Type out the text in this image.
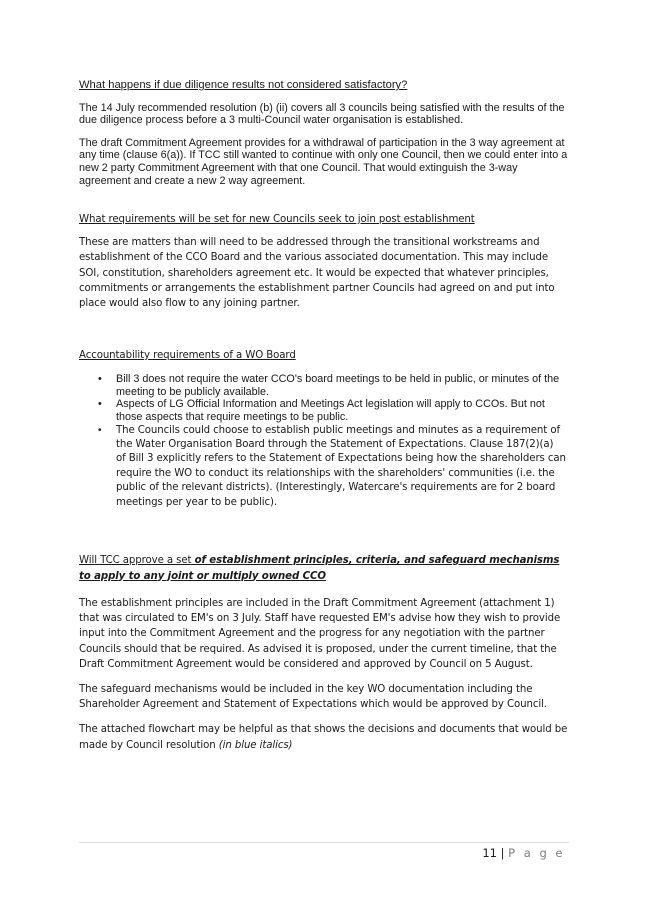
What happens if due diligence results not considered satisfactory?

The 14 July recommended resolution (b) (ii) covers all 3 councils being satisfied with the results of the due diligence process before a 3 multi-Council water organisation is established.

The draft Commitment Agreement provides for a withdrawal of participation in the 3 way agreement at any time (clause 6(a)). If TCC still wanted to continue with only one Council, then we could enter into a new 2 party Commitment Agreement with that one Council. That would extinguish the 3-way agreement and create a new 2 way agreement.

What requirements will be set for new Councils seek to join post establishment

These are matters than will need to be addressed through the transitional workstreams and establishment of the CCO Board and the various associated documentation. This may include SOI, constitution, shareholders agreement etc. It would be expected that whatever principles, commitments or arrangements the establishment partner Councils had agreed on and put into place would also flow to any joining partner.

Accountability requirements of a WO Board

• Bill 3 does not require the water CCO's board meetings to be held in public, or minutes of the meeting to be publicly available.
• Aspects of LG Official Information and Meetings Act legislation will apply to CCOs. But not those aspects that require meetings to be public.
• The Councils could choose to establish public meetings and minutes as a requirement of the Water Organisation Board through the Statement of Expectations. Clause 187(2)(a) of Bill 3 explicitly refers to the Statement of Expectations being how the shareholders can require the WO to conduct its relationships with the shareholders' communities (i.e. the public of the relevant districts). (Interestingly, Watercare's requirements are for 2 board meetings per year to be public).

Will TCC approve a set of establishment principles, criteria, and safeguard mechanisms to apply to any joint or multiply owned CCO

The establishment principles are included in the Draft Commitment Agreement (attachment 1) that was circulated to EM's on 3 July. Staff have requested EM's advise how they wish to provide input into the Commitment Agreement and the progress for any negotiation with the partner Councils should that be required. As advised it is proposed, under the current timeline, that the Draft Commitment Agreement would be considered and approved by Council on 5 August.

The safeguard mechanisms would be included in the key WO documentation including the Shareholder Agreement and Statement of Expectations which would be approved by Council.

The attached flowchart may be helpful as that shows the decisions and documents that would be made by Council resolution (in blue italics)

11 | P a g e
